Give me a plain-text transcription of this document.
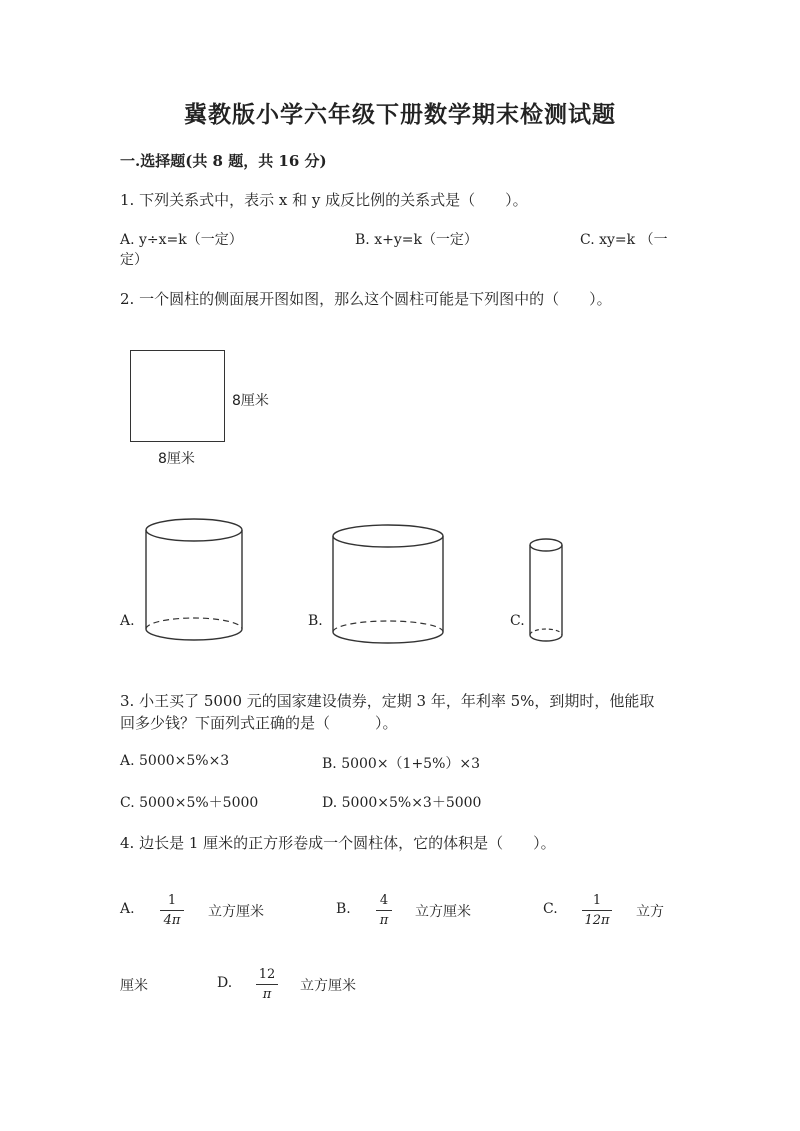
冀教版小学六年级下册数学期末检测试题
一.选择题(共 8 题，共 16 分)
1. 下列关系式中，表示 x 和 y 成反比例的关系式是（　　）。
A. y÷x=k（一定）	B. x+y=k（一定）	C. xy=k （一
定）
2. 一个圆柱的侧面展开图如图，那么这个圆柱可能是下列图中的（　　）。
8厘米
8厘米
A.	B.	C.
3. 小王买了 5000 元的国家建设债券，定期 3 年，年利率 5%，到期时，他能取
回多少钱？下面列式正确的是（　　　）。
A. 5000×5%×3	B. 5000×（1+5%）×3
C. 5000×5%＋5000	D. 5000×5%×3＋5000
4. 边长是 1 厘米的正方形卷成一个圆柱体，它的体积是（　　）。
A.
1
4π
立方厘米	B.
4
π
立方厘米	C.
1
12π
立方
厘米	D.
12
π
立方厘米
